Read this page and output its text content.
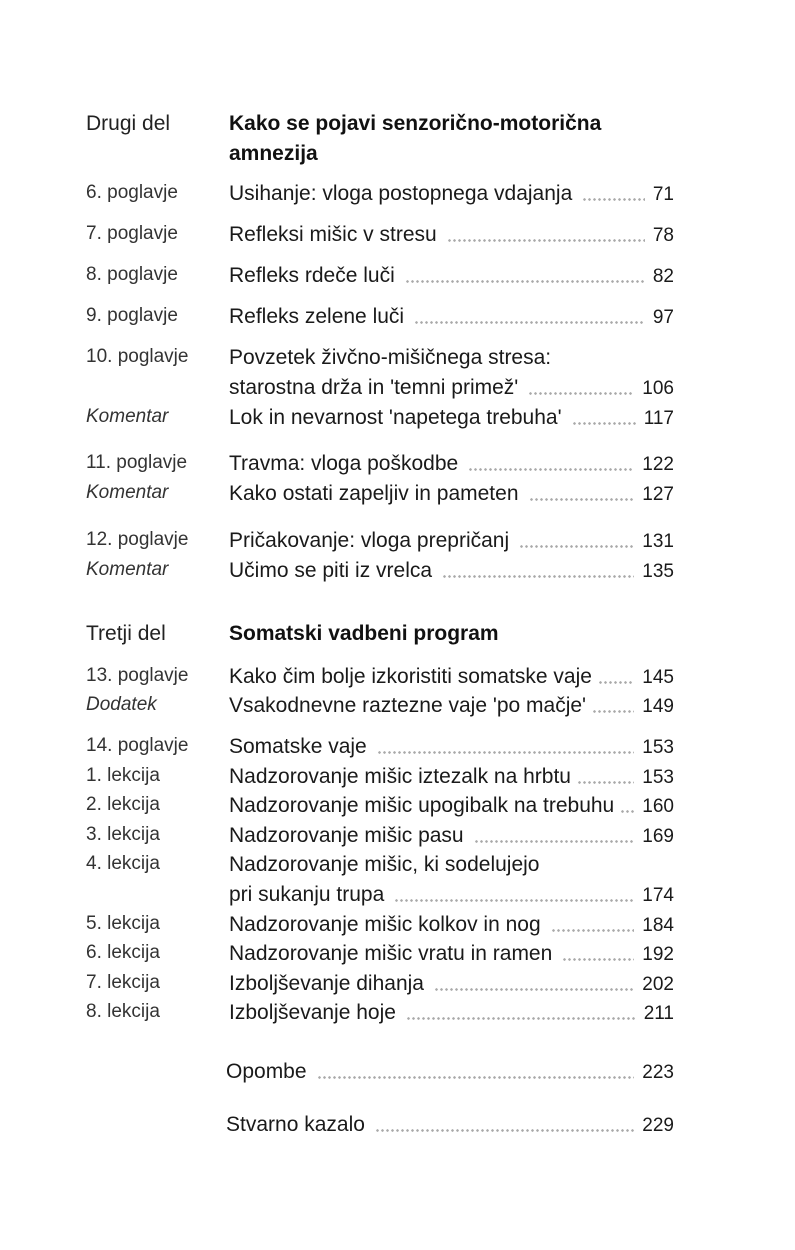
Drugi del	Kako se pojavi senzorično-motorična
amnezija
6. poglavje Usihanje: vloga postopnega vdajanja	71
7. poglavje Refleksi mišic v stresu	78
8. poglavje Refleks rdeče luči	82
9. poglavje Refleks zelene luči	97
10. poglavje Povzetek živčno-mišičnega stresa:
starostna drža in 'temni primež'	106
Komentar	Lok in nevarnost 'napetega trebuha'	117
11. poglavje Travma: vloga poškodbe	122
Komentar	Kako ostati zapeljiv in pameten	127
12. poglavje Pričakovanje: vloga prepričanj	131
Komentar	Učimo se piti iz vrelca	135
Tretji del	Somatski vadbeni program
13. poglavje Kako čim bolje izkoristiti somatske vaje	145
Dodatek	Vsakodnevne raztezne vaje 'po mačje'	149
14. poglavje Somatske vaje	153
1. lekcija	Nadzorovanje mišic iztezalk na hrbtu	153
2. lekcija	Nadzorovanje mišic upogibalk na trebuhu 160
3. lekcija	Nadzorovanje mišic pasu	169
4. lekcija	Nadzorovanje mišic, ki sodelujejo
pri sukanju trupa	174
5. lekcija	Nadzorovanje mišic kolkov in nog	184
6. lekcija	Nadzorovanje mišic vratu in ramen	192
7. lekcija	Izboljševanje dihanja	202
8. lekcija	Izboljševanje hoje	211
Opombe	223
Stvarno kazalo	229
